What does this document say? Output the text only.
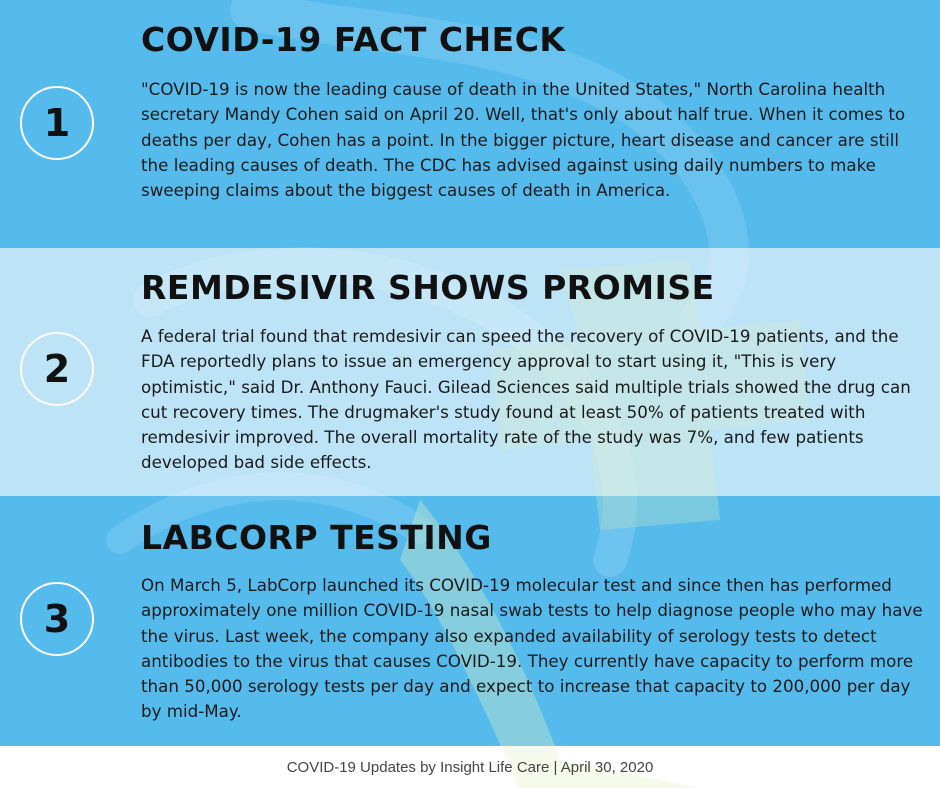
1
COVID-19 FACT CHECK

"COVID-19 is now the leading cause of death in the United States," North Carolina health secretary Mandy Cohen said on April 20. Well, that's only about half true. When it comes to deaths per day, Cohen has a point. In the bigger picture, heart disease and cancer are still the leading causes of death. The CDC has advised against using daily numbers to make sweeping claims about the biggest causes of death in America.

2
REMDESIVIR SHOWS PROMISE

A federal trial found that remdesivir can speed the recovery of COVID-19 patients, and the FDA reportedly plans to issue an emergency approval to start using it, "This is very optimistic," said Dr. Anthony Fauci. Gilead Sciences said multiple trials showed the drug can cut recovery times. The drugmaker's study found at least 50% of patients treated with remdesivir improved. The overall mortality rate of the study was 7%, and few patients developed bad side effects.

3
LABCORP TESTING

On March 5, LabCorp launched its COVID-19 molecular test and since then has performed approximately one million COVID-19 nasal swab tests to help diagnose people who may have the virus. Last week, the company also expanded availability of serology tests to detect antibodies to the virus that causes COVID-19. They currently have capacity to perform more than 50,000 serology tests per day and expect to increase that capacity to 200,000 per day by mid-May.

COVID-19 Updates by Insight Life Care | April 30, 2020
